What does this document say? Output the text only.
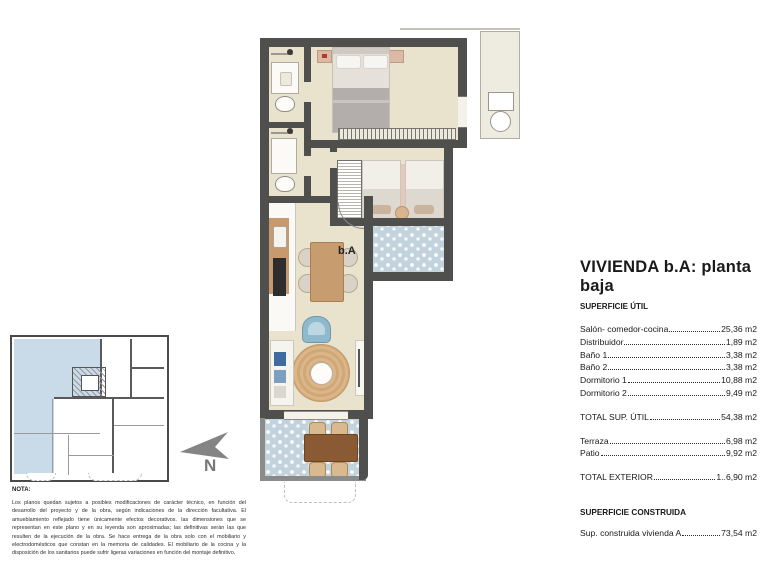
b.A
N
VIVIENDA b.A: planta baja
SUPERFICIE ÚTIL
Salón- comedor-cocina	25,36 m2
Distribuidor	1,89 m2
Baño 1	3,38 m2
Baño 2	3,38 m2
Dormitorio 1	10,88 m2
Dormitorio 2	9,49 m2
TOTAL SUP. ÚTIL	54,38 m2
Terraza	6,98 m2
Patio	9,92 m2
TOTAL EXTERIOR	1..6,90 m2
SUPERFICIE CONSTRUIDA
Sup. construida vivienda A	73,54 m2
NOTA:
Los planos quedan sujetos a posibles modificaciones de carácter técnico, en función del desarrollo del proyecto y de la obra, según indicaciones de la dirección facultativa. El amueblamiento reflejado tiene únicamente efectos decorativos. las dimensiones que se representan en este plano y en su leyenda son aproximadas; las definitivas serán las que resulten de la ejecución de la obra. Se hace entrega de la obra solo con el mobiliario y electrodomésticos que constan en la memoria de calidades. El mobiliario de la cocina y la disposición de los sanitarios puede sufrir ligeras variaciones en función del montaje definitivo.
